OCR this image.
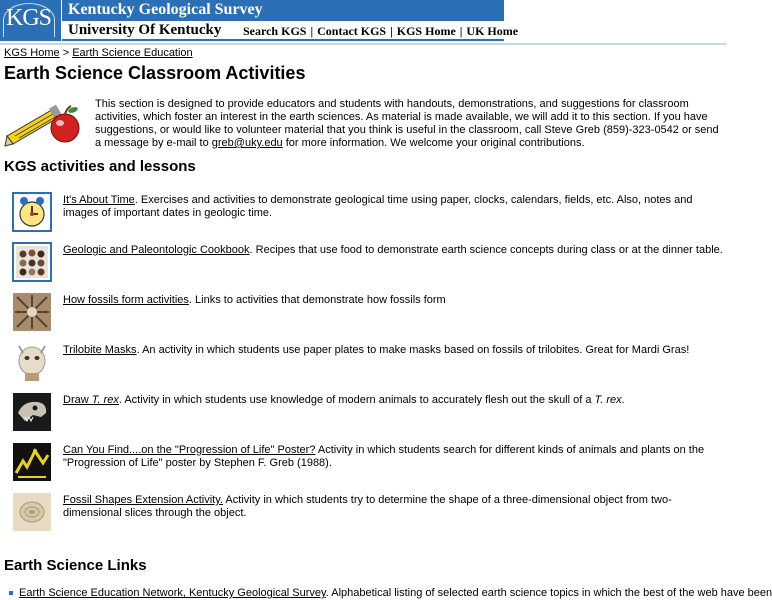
KGS Kentucky Geological Survey
University Of Kentucky Search KGS | Contact KGS | KGS Home | UK Home
KGS Home > Earth Science Education
Earth Science Classroom Activities
This section is designed to provide educators and students with handouts, demonstrations, and suggestions for classroom activities, which foster an interest in the earth sciences. As material is made available, we will add it to this section. If you have suggestions, or would like to volunteer material that you think is useful in the classroom, call Steve Greb (859)-323-0542 or send a message by e-mail to greb@uky.edu for more information. We welcome your original contributions.
KGS activities and lessons
It's About Time. Exercises and activities to demonstrate geological time using paper, clocks, calendars, fields, etc. Also, notes and images of important dates in geologic time.
Geologic and Paleontologic Cookbook. Recipes that use food to demonstrate earth science concepts during class or at the dinner table.
How fossils form activities. Links to activities that demonstrate how fossils form
Trilobite Masks. An activity in which students use paper plates to make masks based on fossils of trilobites. Great for Mardi Gras!
Draw T. rex. Activity in which students use knowledge of modern animals to accurately flesh out the skull of a T. rex.
Can You Find....on the "Progression of Life" Poster? Activity in which students search for different kinds of animals and plants on the "Progression of Life" poster by Stephen F. Greb (1988).
Fossil Shapes Extension Activity. Activity in which students try to determine the shape of a three-dimensional object from two-dimensional slices through the object.
Earth Science Links
Earth Science Education Network, Kentucky Geological Survey. Alphabetical listing of selected earth science topics in which the best of the web have been
